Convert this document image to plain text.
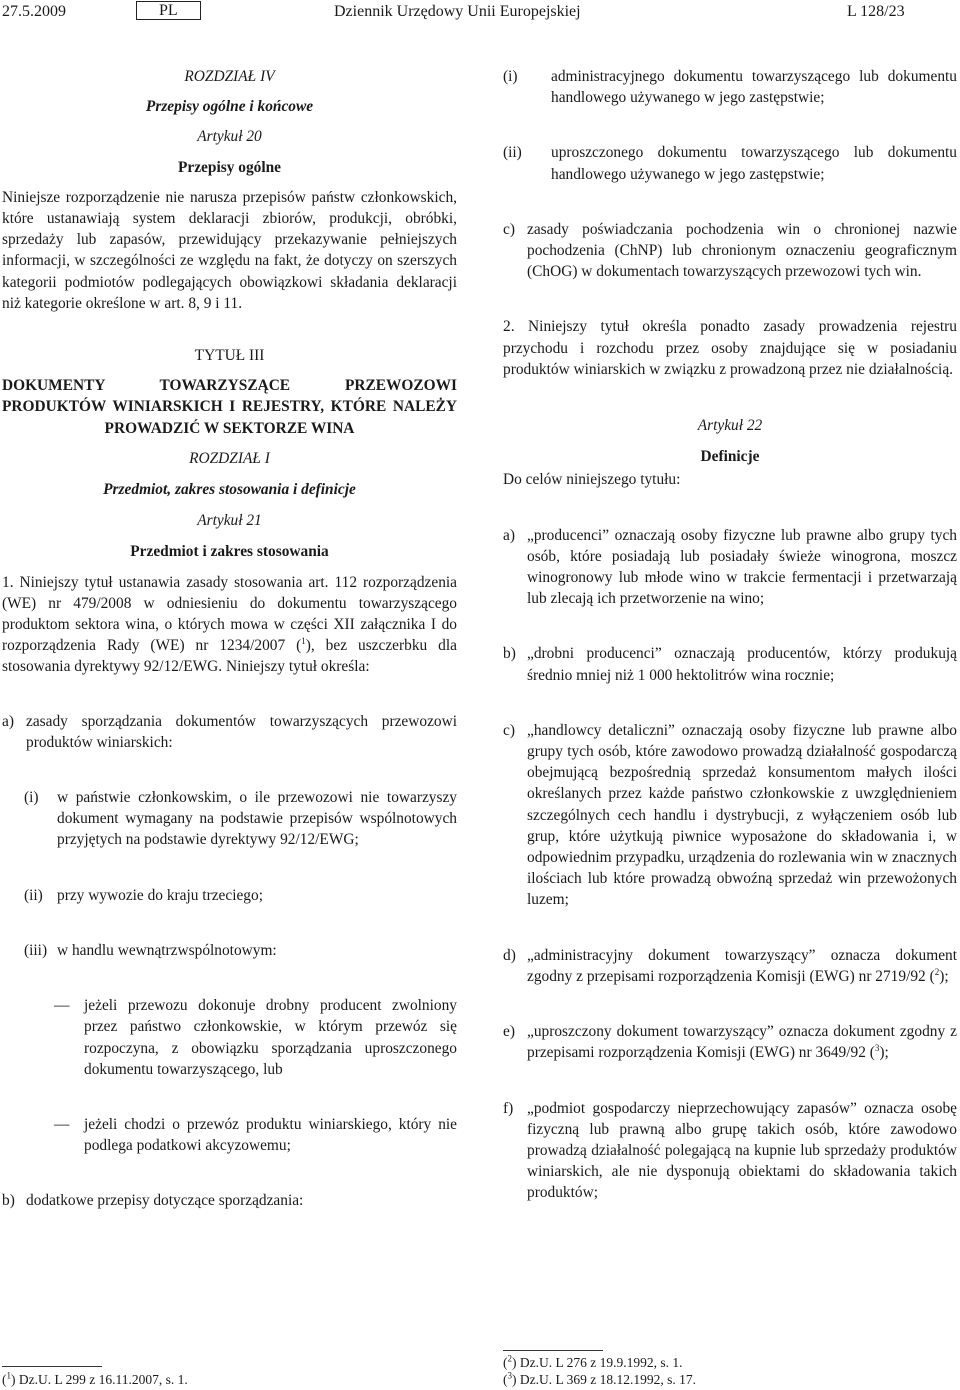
27.5.2009	PL	Dziennik Urzędowy Unii Europejskiej	L 128/23

ROZDZIAŁ IV

Przepisy ogólne i końcowe

Artykuł 20

Przepisy ogólne

Niniejsze rozporządzenie nie narusza przepisów państw członkowskich, które ustanawiają system deklaracji zbiorów, produkcji, obróbki, sprzedaży lub zapasów, przewidujący przekazywanie pełniejszych informacji, w szczególności ze względu na fakt, że dotyczy on szerszych kategorii podmiotów podlegających obowiązkowi składania deklaracji niż kategorie określone w art. 8, 9 i 11.

TYTUŁ III

DOKUMENTY TOWARZYSZĄCE PRZEWOZOWI PRODUKTÓW WINIARSKICH I REJESTRY, KTÓRE NALEŻY PROWADZIĆ W SEKTORZE WINA

ROZDZIAŁ I

Przedmiot, zakres stosowania i definicje

Artykuł 21

Przedmiot i zakres stosowania

1. Niniejszy tytuł ustanawia zasady stosowania art. 112 rozporządzenia (WE) nr 479/2008 w odniesieniu do dokumentu towarzyszącego produktom sektora wina, o których mowa w części XII załącznika I do rozporządzenia Rady (WE) nr 1234/2007 ($^1$), bez uszczerbku dla stosowania dyrektywy 92/12/EWG. Niniejszy tytuł określa:

a) zasady sporządzania dokumentów towarzyszących przewozowi produktów winiarskich:
(i) w państwie członkowskim, o ile przewozowi nie towarzyszy dokument wymagany na podstawie przepisów wspólnotowych przyjętych na podstawie dyrektywy 92/12/EWG;
(ii) przy wywozie do kraju trzeciego;
(iii) w handlu wewnątrzwspólnotowym:
— jeżeli przewozu dokonuje drobny producent zwolniony przez państwo członkowskie, w którym przewóz się rozpoczyna, z obowiązku sporządzania uproszczonego dokumentu towarzyszącego, lub
— jeżeli chodzi o przewóz produktu winiarskiego, który nie podlega podatkowi akcyzowemu;
b) dodatkowe przepisy dotyczące sporządzania:

($^1$) Dz.U. L 299 z 16.11.2007, s. 1.

(i) administracyjnego dokumentu towarzyszącego lub dokumentu handlowego używanego w jego zastępstwie;
(ii) uproszczonego dokumentu towarzyszącego lub dokumentu handlowego używanego w jego zastępstwie;
c) zasady poświadczania pochodzenia win o chronionej nazwie pochodzenia (ChNP) lub chronionym oznaczeniu geograficznym (ChOG) w dokumentach towarzyszących przewozowi tych win.

2. Niniejszy tytuł określa ponadto zasady prowadzenia rejestru przychodu i rozchodu przez osoby znajdujące się w posiadaniu produktów winiarskich w związku z prowadzoną przez nie działalnością.

Artykuł 22

Definicje

Do celów niniejszego tytułu:

a) „producenci” oznaczają osoby fizyczne lub prawne albo grupy tych osób, które posiadają lub posiadały świeże winogrona, moszcz winogronowy lub młode wino w trakcie fermentacji i przetwarzają lub zlecają ich przetworzenie na wino;
b) „drobni producenci” oznaczają producentów, którzy produkują średnio mniej niż 1 000 hektolitrów wina rocznie;
c) „handlowcy detaliczni” oznaczają osoby fizyczne lub prawne albo grupy tych osób, które zawodowo prowadzą działalność gospodarczą obejmującą bezpośrednią sprzedaż konsumentom małych ilości określanych przez każde państwo członkowskie z uwzględnieniem szczególnych cech handlu i dystrybucji, z wyłączeniem osób lub grup, które użytkują piwnice wyposażone do składowania i, w odpowiednim przypadku, urządzenia do rozlewania win w znacznych ilościach lub które prowadzą obwoźną sprzedaż win przewożonych luzem;
d) „administracyjny dokument towarzyszący” oznacza dokument zgodny z przepisami rozporządzenia Komisji (EWG) nr 2719/92 ($^2$);
e) „uproszczony dokument towarzyszący” oznacza dokument zgodny z przepisami rozporządzenia Komisji (EWG) nr 3649/92 ($^3$);
f) „podmiot gospodarczy nieprzechowujący zapasów” oznacza osobę fizyczną lub prawną albo grupę takich osób, które zawodowo prowadzą działalność polegającą na kupnie lub sprzedaży produktów winiarskich, ale nie dysponują obiektami do składowania takich produktów;

($^2$) Dz.U. L 276 z 19.9.1992, s. 1.

($^3$) Dz.U. L 369 z 18.12.1992, s. 17.
